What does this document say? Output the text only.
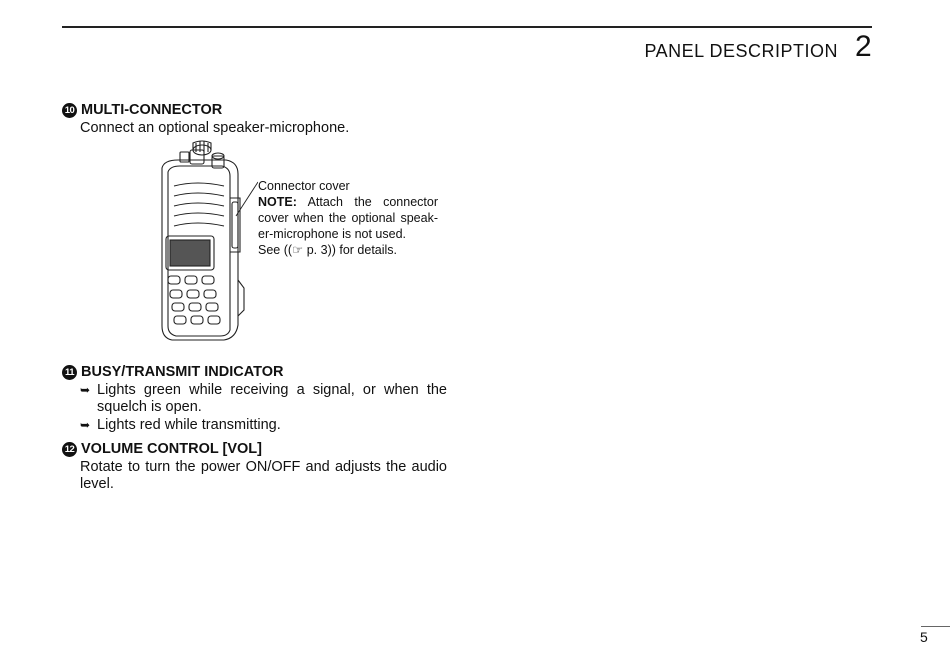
PANEL DESCRIPTION 2
10 MULTI-CONNECTOR
Connect an optional speaker-microphone.
Connector cover
NOTE: Attach the connector
cover when the optional speak-
er-microphone is not used.
See ((☞ p. 3)) for details.
11 BUSY/TRANSMIT INDICATOR
➥ Lights green while receiving a signal, or when the
squelch is open.
➥ Lights red while transmitting.
12 VOLUME CONTROL [VOL]
Rotate to turn the power ON/OFF and adjusts the audio
level.
5
